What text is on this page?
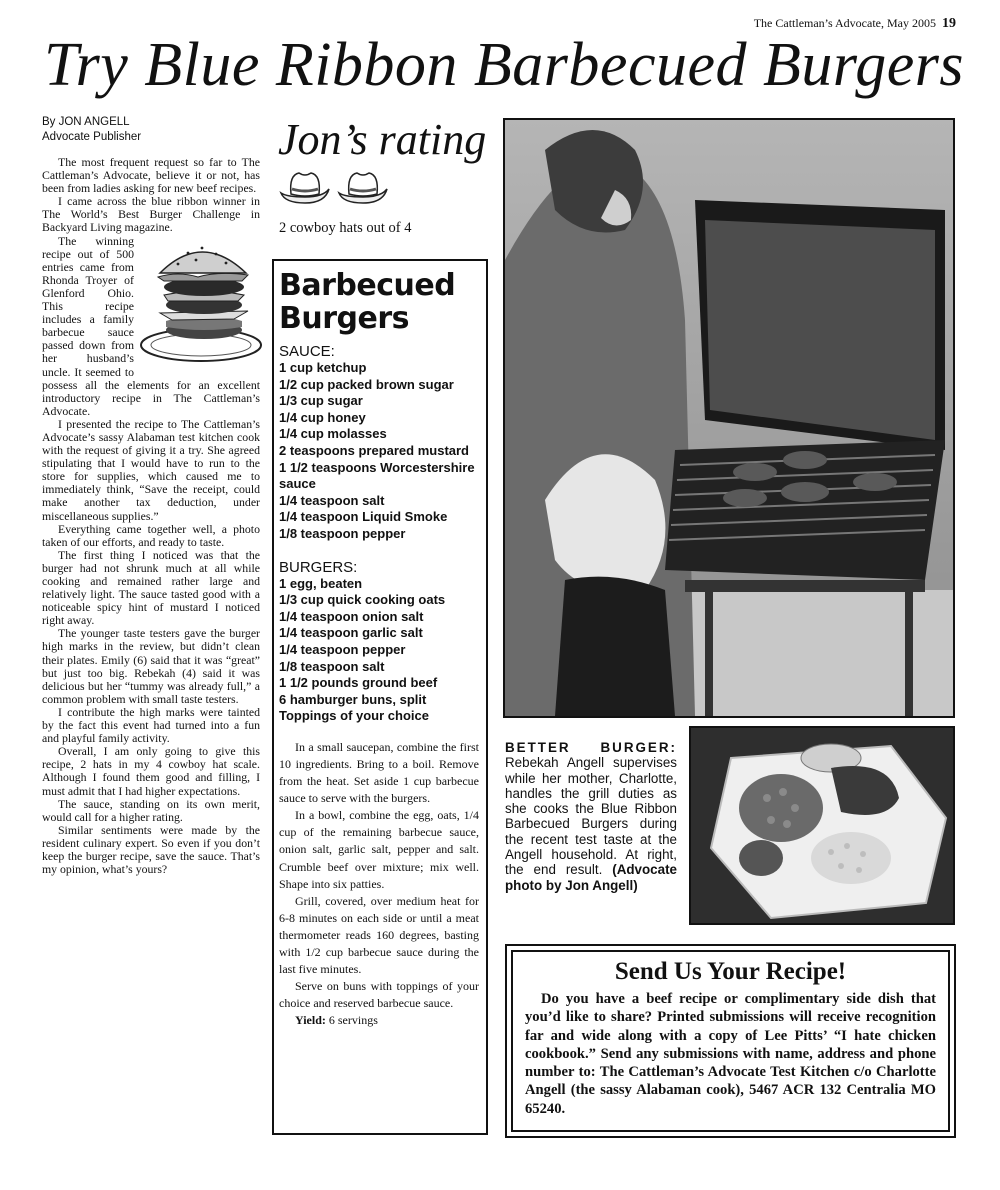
The Cattleman’s Advocate, May 2005 19
Try Blue Ribbon Barbecued Burgers
By JON ANGELL
Advocate Publisher

The most frequent request so far to The Cattleman’s Advocate, believe it or not, has been from ladies asking for new beef recipes.

I came across the blue ribbon winner in The World’s Best Burger Challenge in Backyard Living magazine.

The winning recipe out of 500 entries came from Rhonda Troyer of Glenford Ohio. This recipe includes a family barbecue sauce passed down from her husband’s uncle. It seemed to possess all the elements for an excellent introductory recipe in The Cattleman’s Advocate.

I presented the recipe to The Cattleman’s Advocate’s sassy Alabaman test kitchen cook with the request of giving it a try. She agreed stipulating that I would have to run to the store for supplies, which caused me to immediately think, “Save the receipt, could make another tax deduction, under miscellaneous supplies.”

Everything came together well, a photo taken of our efforts, and ready to taste.

The first thing I noticed was that the burger had not shrunk much at all while cooking and remained rather large and relatively light. The sauce tasted good with a noticeable spicy hint of mustard I noticed right away.

The younger taste testers gave the burger high marks in the review, but didn’t clean their plates. Emily (6) said that it was “great” but just too big. Rebekah (4) said it was delicious but her “tummy was already full,” a common problem with small taste testers.

I contribute the high marks were tainted by the fact this event had turned into a fun and playful family activity.

Overall, I am only going to give this recipe, 2 hats in my 4 cowboy hat scale. Although I found them good and filling, I must admit that I had higher expectations.

The sauce, standing on its own merit, would call for a higher rating.

Similar sentiments were made by the resident culinary expert. So even if you don’t keep the burger recipe, save the sauce. That’s my opinion, what’s yours?

Jon’s rating
2 cowboy hats out of 4
Barbecued
Burgers
SAUCE:
1 cup ketchup
1/2 cup packed brown sugar
1/3 cup sugar
1/4 cup honey
1/4 cup molasses
2 teaspoons prepared mustard
1 1/2 teaspoons Worcestershire sauce
1/4 teaspoon salt
1/4 teaspoon Liquid Smoke
1/8 teaspoon pepper
BURGERS:
1 egg, beaten
1/3 cup quick cooking oats
1/4 teaspoon onion salt
1/4 teaspoon garlic salt
1/4 teaspoon pepper
1/8 teaspoon salt
1 1/2 pounds ground beef
6 hamburger buns, split
Toppings of your choice

In a small saucepan, combine the first 10 ingredients. Bring to a boil. Remove from the heat. Set aside 1 cup barbecue sauce to serve with the burgers.

In a bowl, combine the egg, oats, 1/4 cup of the remaining barbecue sauce, onion salt, garlic salt, pepper and salt. Crumble beef over mixture; mix well. Shape into six patties.

Grill, covered, over medium heat for 6-8 minutes on each side or until a meat thermometer reads 160 degrees, basting with 1/2 cup barbecue sauce during the last five minutes.

Serve on buns with toppings of your choice and reserved barbecue sauce.

Yield: 6 servings

BETTER BURGER: Rebekah Angell supervises while her mother, Charlotte, handles the grill duties as she cooks the Blue Ribbon Barbecued Burgers during the recent test taste at the Angell household. At right, the end result. (Advocate photo by Jon Angell)
Send Us Your Recipe!

Do you have a beef recipe or complimentary side dish that you’d like to share? Printed submissions will receive recognition far and wide along with a copy of Lee Pitts’ “I hate chicken cookbook.” Send any submissions with name, address and phone number to: The Cattleman’s Advocate Test Kitchen c/o Charlotte Angell (the sassy Alabaman cook), 5467 ACR 132 Centralia MO 65240.
